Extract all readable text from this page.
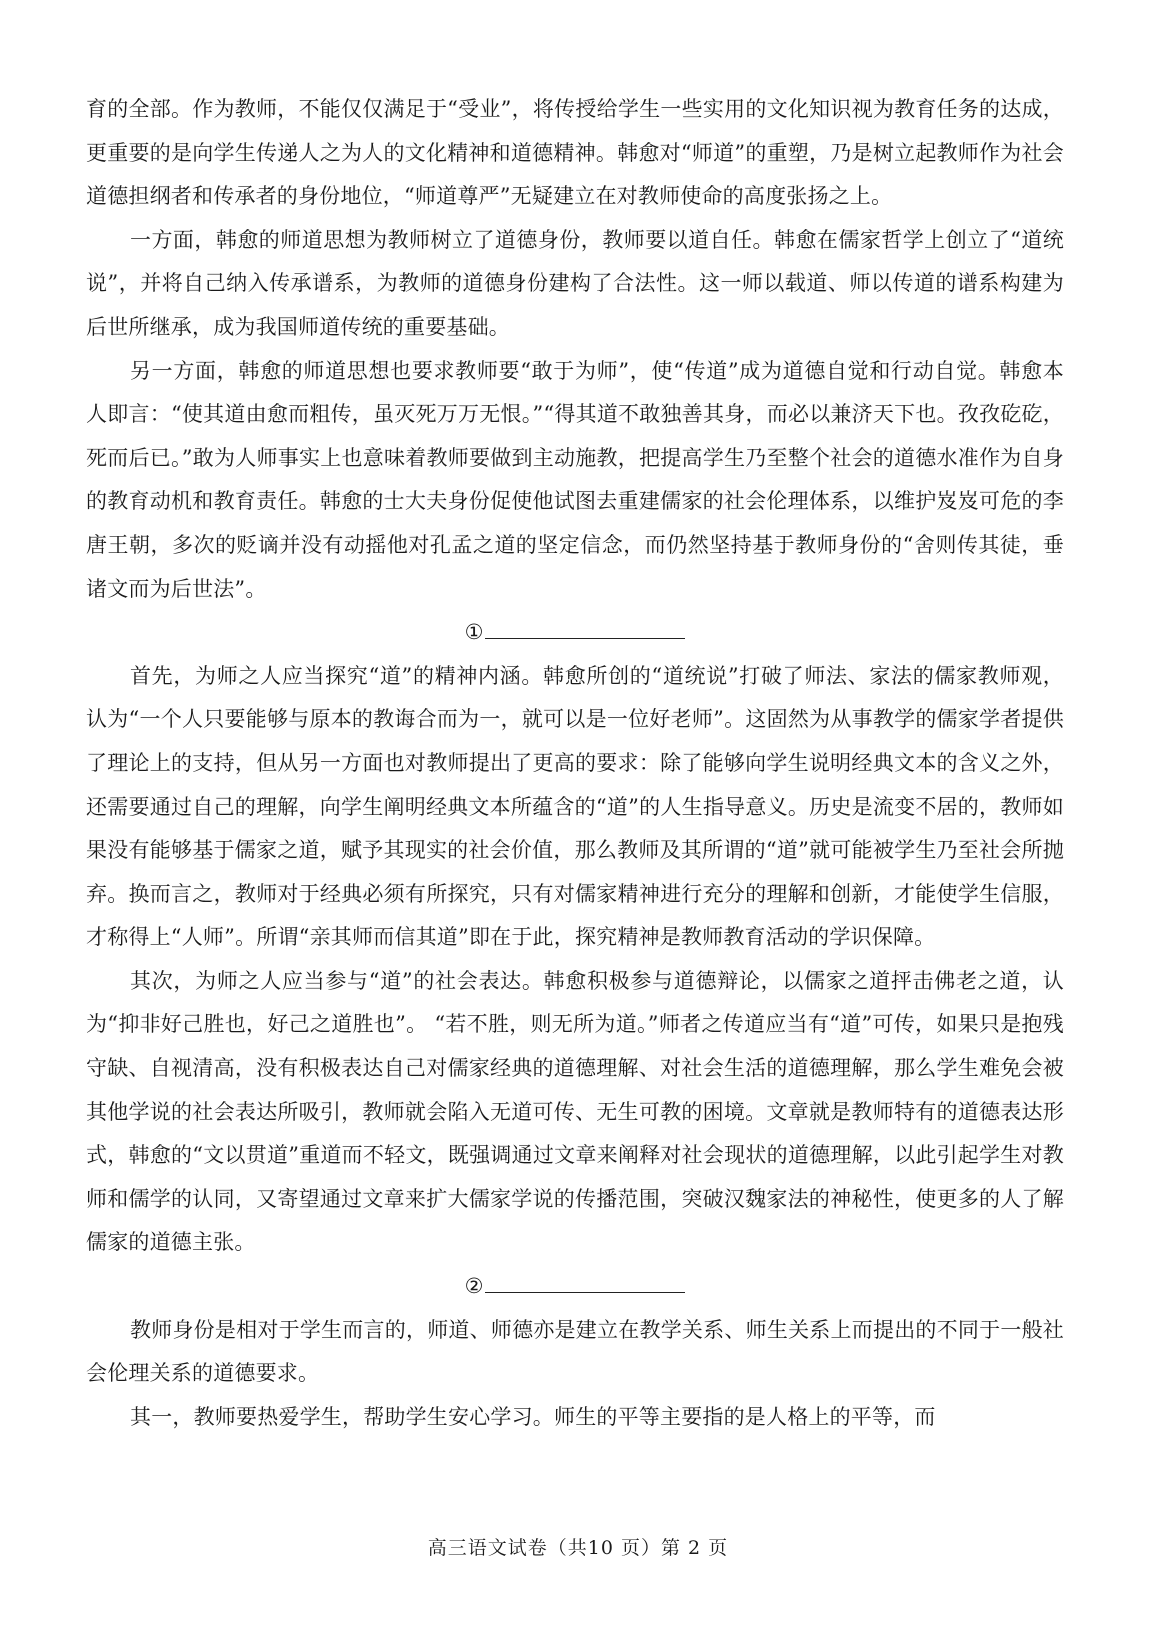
育的全部。作为教师，不能仅仅满足于“受业”，将传授给学生一些实用的文化知识视为教育任务的达成，更重要的是向学生传递人之为人的文化精神和道德精神。韩愈对“师道”的重塑，乃是树立起教师作为社会道德担纲者和传承者的身份地位，“师道尊严”无疑建立在对教师使命的高度张扬之上。

一方面，韩愈的师道思想为教师树立了道德身份，教师要以道自任。韩愈在儒家哲学上创立了“道统说”，并将自己纳入传承谱系，为教师的道德身份建构了合法性。这一师以载道、师以传道的谱系构建为后世所继承，成为我国师道传统的重要基础。

另一方面，韩愈的师道思想也要求教师要“敢于为师”，使“传道”成为道德自觉和行动自觉。韩愈本人即言：“使其道由愈而粗传，虽灭死万万无恨。”“得其道不敢独善其身，而必以兼济天下也。孜孜矻矻，死而后已。”敢为人师事实上也意味着教师要做到主动施教，把提高学生乃至整个社会的道德水准作为自身的教育动机和教育责任。韩愈的士大夫身份促使他试图去重建儒家的社会伦理体系，以维护岌岌可危的李唐王朝，多次的贬谪并没有动摇他对孔孟之道的坚定信念，而仍然坚持基于教师身份的“舍则传其徒，垂诸文而为后世法”。

①

首先，为师之人应当探究“道”的精神内涵。韩愈所创的“道统说”打破了师法、家法的儒家教师观，认为“一个人只要能够与原本的教诲合而为一，就可以是一位好老师”。这固然为从事教学的儒家学者提供了理论上的支持，但从另一方面也对教师提出了更高的要求：除了能够向学生说明经典文本的含义之外，还需要通过自己的理解，向学生阐明经典文本所蕴含的“道”的人生指导意义。历史是流变不居的，教师如果没有能够基于儒家之道，赋予其现实的社会价值，那么教师及其所谓的“道”就可能被学生乃至社会所抛弃。换而言之，教师对于经典必须有所探究，只有对儒家精神进行充分的理解和创新，才能使学生信服，才称得上“人师”。所谓“亲其师而信其道”即在于此，探究精神是教师教育活动的学识保障。

其次，为师之人应当参与“道”的社会表达。韩愈积极参与道德辩论，以儒家之道抨击佛老之道，认为“抑非好己胜也，好己之道胜也”。 “若不胜，则无所为道。”师者之传道应当有“道”可传，如果只是抱残守缺、自视清高，没有积极表达自己对儒家经典的道德理解、对社会生活的道德理解，那么学生难免会被其他学说的社会表达所吸引，教师就会陷入无道可传、无生可教的困境。文章就是教师特有的道德表达形式，韩愈的“文以贯道”重道而不轻文，既强调通过文章来阐释对社会现状的道德理解，以此引起学生对教师和儒学的认同，又寄望通过文章来扩大儒家学说的传播范围，突破汉魏家法的神秘性，使更多的人了解儒家的道德主张。

②

教师身份是相对于学生而言的，师道、师德亦是建立在教学关系、师生关系上而提出的不同于一般社会伦理关系的道德要求。

其一，教师要热爱学生，帮助学生安心学习。师生的平等主要指的是人格上的平等，而

高三语文试卷（共10 页）第 2 页
